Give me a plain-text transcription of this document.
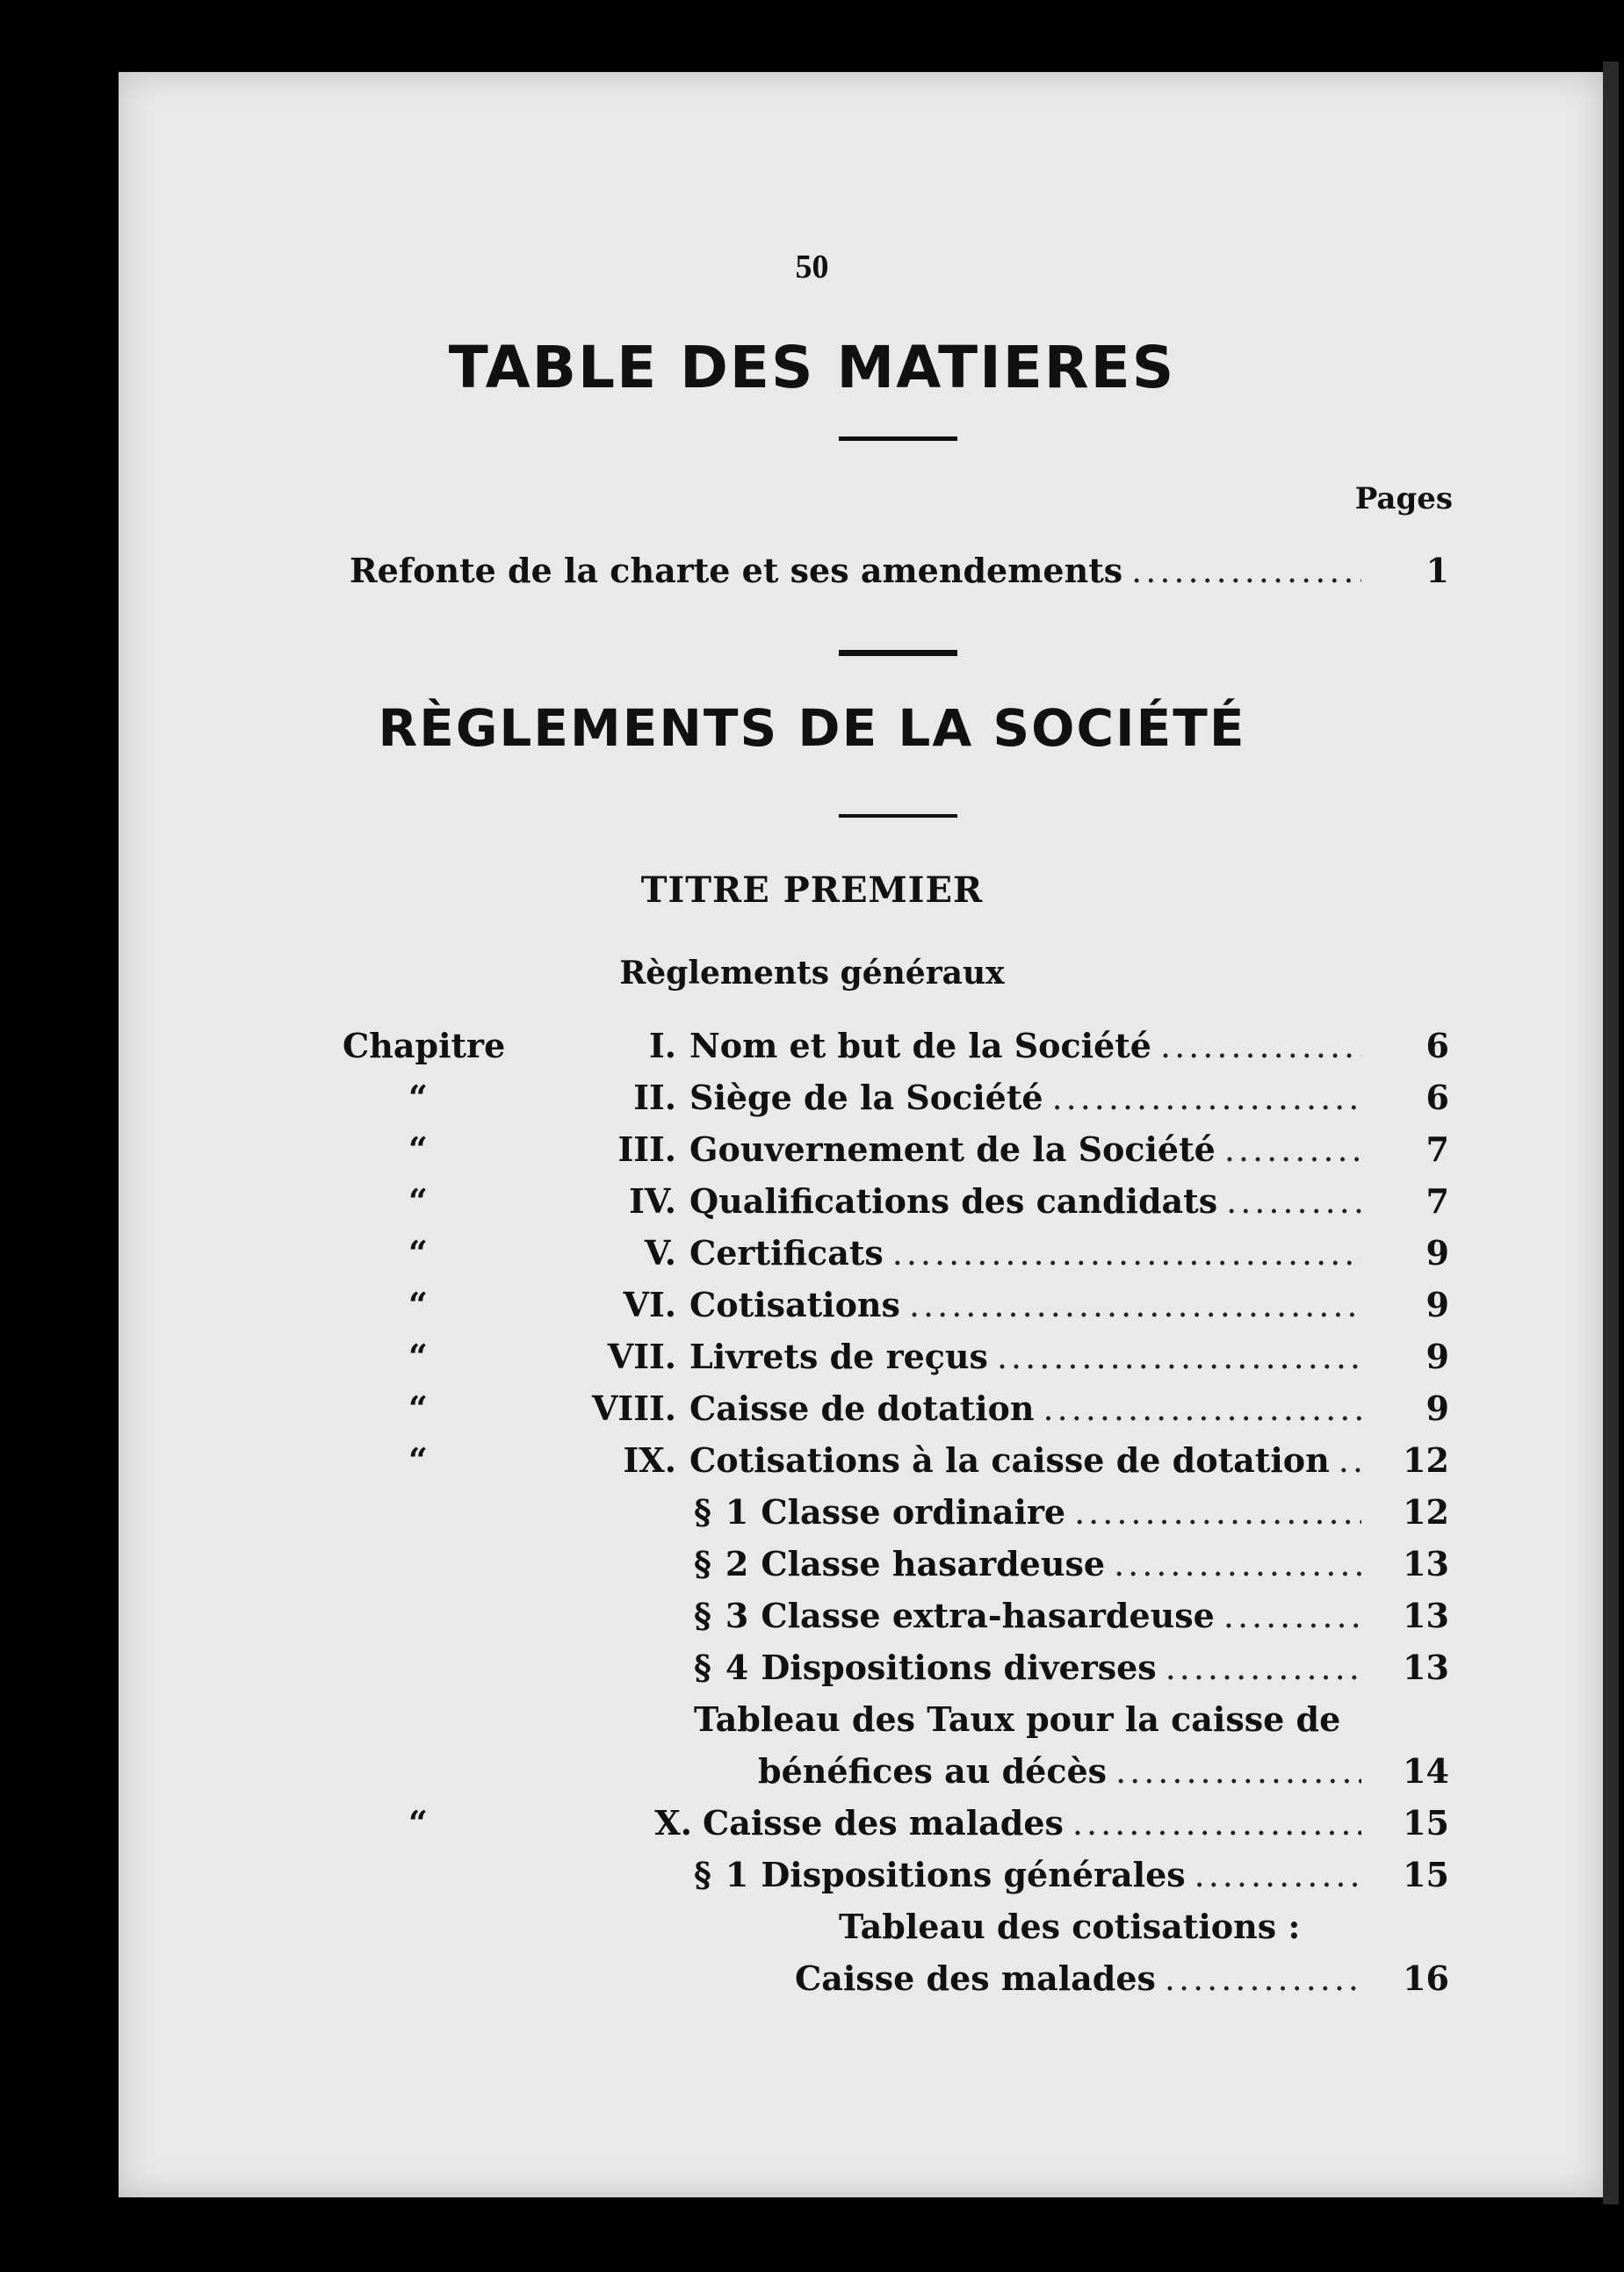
50
TABLE DES MATIERES
Pages
Refonte de la charte et ses amendements .....	1
RÈGLEMENTS DE LA SOCIÉTÉ
TITRE PREMIER
Règlements généraux
Chapitre	I. Nom et but de la Société .....	6
“	II. Siège de la Société .....	6
“	III. Gouvernement de la Société .....	7
“	IV. Qualifications des candidats .....	7
“	V. Certificats .....	9
“	VI. Cotisations .....	9
“	VII. Livrets de reçus .....	9
“	VIII. Caisse de dotation .....	9
“	IX. Cotisations à la caisse de dotation .....	12
§ 1 Classe ordinaire .....	12
§ 2 Classe hasardeuse .....	13
§ 3 Classe extra-hasardeuse .....	13
§ 4 Dispositions diverses .....	13
Tableau des Taux pour la caisse de
bénéfices au décès .....	14
“	X. Caisse des malades .....	15
§ 1 Dispositions générales .....	15
Tableau des cotisations :
Caisse des malades .....	16
